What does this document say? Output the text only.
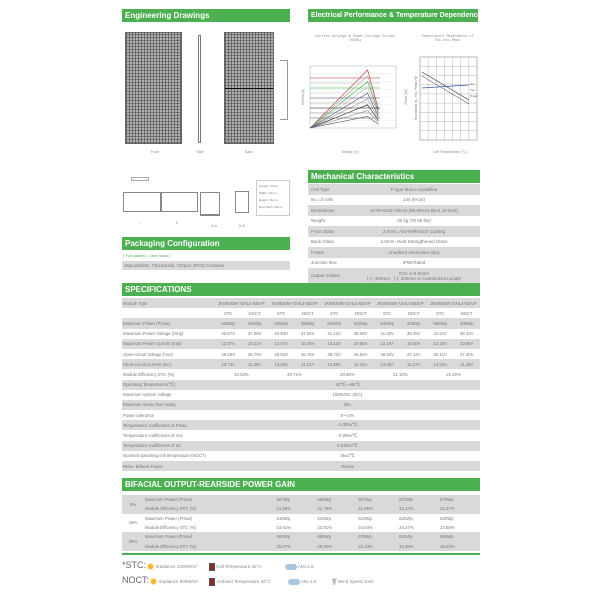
Engineering Drawings	Electrical Performance & Temperature Dependence
Front	Side	Back
Current-Voltage & Power-Voltage Curves (550W)
Current (A)	Power (W)
Voltage (V)
Temperature Dependence of Isc,Voc,Pmax
Isc
Voc
Pmax
Normalized Isc, Voc, Pmax (%)
Cell Temperature (°C)
I	II
A-A	B-B
Length: ±2mm
Width: ±2mm
Height: ±1mm
Row Pitch: ±2mm
Packaging Configuration
( Two pallets = One stack )
36pcs/pallets, 72pcs/stack, 720pcs/ 40'HQ Container
Mechanical Characteristics
Cell Type	P type Mono-crystalline
No. of cells	144 (6×24)
Dimensions	2278×1134×30mm (89.69×44.65×1.18 inch)
Weight	32 kg (70.55 lbs)
Front Glass	2.0mm, Anti-Reflection Coating
Back Glass	2.0mm, Heat Strengthened Glass
Frame	Anodized Aluminium Alloy
Junction Box	IP68 Rated
Output Cables	TUV 1×4.0mm²
(+): 400mm , (-): 200mm or Customized Length
SPECIFICATIONS
Module Type	JKM530M-72HL4-BDVP		JKM535M-72HL4-BDVP		JKM540M-72HL4-BDVP		JKM545M-72HL4-BDVP		JKM550M-72HL4-BDVP	
	STC	NOCT	STC	NOCT	STC	NOCT	STC	NOCT	STC	NOCT
Maximum Power (Pmax)	530Wp	394Wp	535Wp	398Wp	540Wp	402Wp	545Wp	405Wp	550Wp	409Wp
Maximum Power Voltage (Vmp)	40.87V	37.88V	40.94V	37.94V	41.13V	38.08V	41.32V	38.25V	41.51V	38.42V
Maximum Power Current (Imp)	12.97A	10.41A	13.07A	10.49A	13.13A	10.55A	13.19A	10.60A	13.25A	10.65A
Open-circuit Voltage (Voc)	49.48V	46.70V	49.54V	46.76V	49.73V	46.94V	49.92V	47.12V	50.11V	47.30V
Short-circuit Current (Isc)	13.73A	11.09A	13.83A	11.17A	13.89A	11.22A	13.95A	11.27A	14.01A	11.32A
Module Efficiency STC (%)	20.52%		20.71%		20.90%		21.10%		21.29%	
Operating Temperature(℃)	-40℃~+85℃									
Maximum system voltage	1500VDC (IEC)									
Maximum series fuse rating	30A									
Power tolerance	0~+3%									
Temperature coefficients of Pmax	-0.35%/℃									
Temperature coefficients of Voc	-0.28%/℃									
Temperature coefficients of Isc	0.048%/℃									
Nominal operating cell temperature (NOCT)	45±2℃									
Refer. Bifacial Factor	70±5%									
BIFACIAL OUTPUT-REARSIDE POWER GAIN
5%	Maximum Power (Pmax)	557Wp	562Wp	567Wp	572Wp	578Wp
	Module Efficiency STC (%)	21.56%	21.76%	21.95%	22.14%	22.37%
15%	Maximum Power (Pmax)	610Wp	615Wp	621Wp	626Wp	633Wp
	Module Efficiency STC (%)	23.61%	23.81%	24.04%	24.27%	24.50%
25%	Maximum Power (Pmax)	663Wp	668Wp	675Wp	681Wp	688Wp
	Module Efficiency STC (%)	25.67%	25.90%	26.13%	26.36%	26.63%
*STC: Irradiance 1000W/m²	Cell Temperature 25°C	AM=1.5
NOCT: Irradiance 800W/m²	Ambient Temperature 20°C	AM=1.5	Wind Speed 1m/s
